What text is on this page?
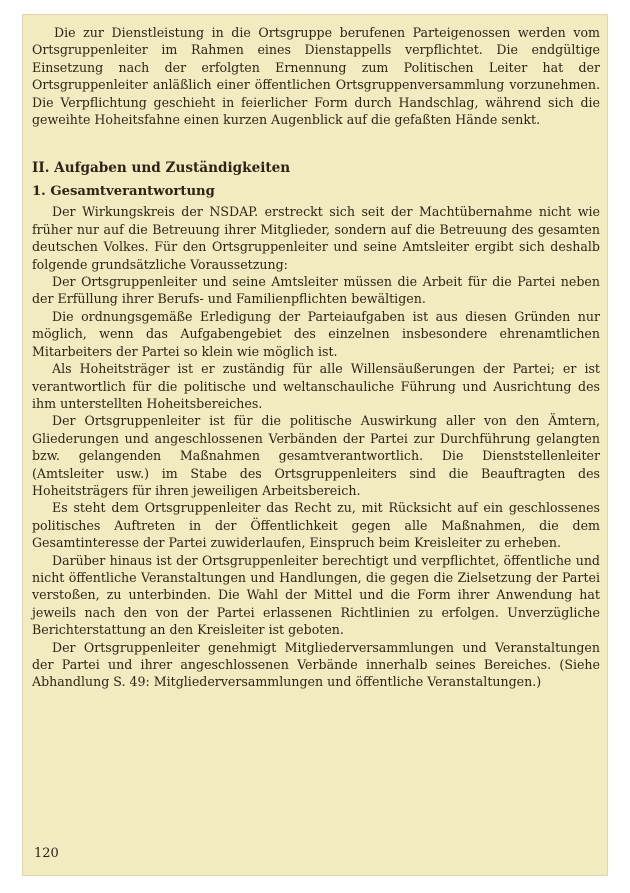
Die zur Dienstleistung in die Ortsgruppe berufenen Parteigenossen werden vom Ortsgruppenleiter im Rahmen eines Dienstappells verpflichtet. Die endgültige Einsetzung nach der erfolgten Ernennung zum Politischen Leiter hat der Ortsgruppenleiter anläßlich einer öffentlichen Ortsgruppenversammlung vorzunehmen. Die Verpflichtung geschieht in feierlicher Form durch Handschlag, während sich die geweihte Hoheitsfahne einen kurzen Augenblick auf die gefaßten Hände senkt.

II. Aufgaben und Zuständigkeiten
1. Gesamtverantwortung

Der Wirkungskreis der NSDAP. erstreckt sich seit der Machtübernahme nicht wie früher nur auf die Betreuung ihrer Mitglieder, sondern auf die Betreuung des gesamten deutschen Volkes. Für den Ortsgruppenleiter und seine Amtsleiter ergibt sich deshalb folgende grundsätzliche Voraussetzung:

Der Ortsgruppenleiter und seine Amtsleiter müssen die Arbeit für die Partei neben der Erfüllung ihrer Berufs- und Familienpflichten bewältigen.

Die ordnungsgemäße Erledigung der Parteiaufgaben ist aus diesen Gründen nur möglich, wenn das Aufgabengebiet des einzelnen insbesondere ehrenamtlichen Mitarbeiters der Partei so klein wie möglich ist.

Als Hoheitsträger ist er zuständig für alle Willensäußerungen der Partei; er ist verantwortlich für die politische und weltanschauliche Führung und Ausrichtung des ihm unterstellten Hoheitsbereiches.

Der Ortsgruppenleiter ist für die politische Auswirkung aller von den Ämtern, Gliederungen und angeschlossenen Verbänden der Partei zur Durchführung gelangten bzw. gelangenden Maßnahmen gesamtverantwortlich. Die Dienststellenleiter (Amtsleiter usw.) im Stabe des Ortsgruppenleiters sind die Beauftragten des Hoheitsträgers für ihren jeweiligen Arbeitsbereich.

Es steht dem Ortsgruppenleiter das Recht zu, mit Rücksicht auf ein geschlossenes politisches Auftreten in der Öffentlichkeit gegen alle Maßnahmen, die dem Gesamtinteresse der Partei zuwiderlaufen, Einspruch beim Kreisleiter zu erheben.

Darüber hinaus ist der Ortsgruppenleiter berechtigt und verpflichtet, öffentliche und nicht öffentliche Veranstaltungen und Handlungen, die gegen die Zielsetzung der Partei verstoßen, zu unterbinden. Die Wahl der Mittel und die Form ihrer Anwendung hat jeweils nach den von der Partei erlassenen Richtlinien zu erfolgen. Unverzügliche Berichterstattung an den Kreisleiter ist geboten.

Der Ortsgruppenleiter genehmigt Mitgliederversammlungen und Veranstaltungen der Partei und ihrer angeschlossenen Verbände innerhalb seines Bereiches. (Siehe Abhandlung S. 49: Mitgliederversammlungen und öffentliche Veranstaltungen.)

120
